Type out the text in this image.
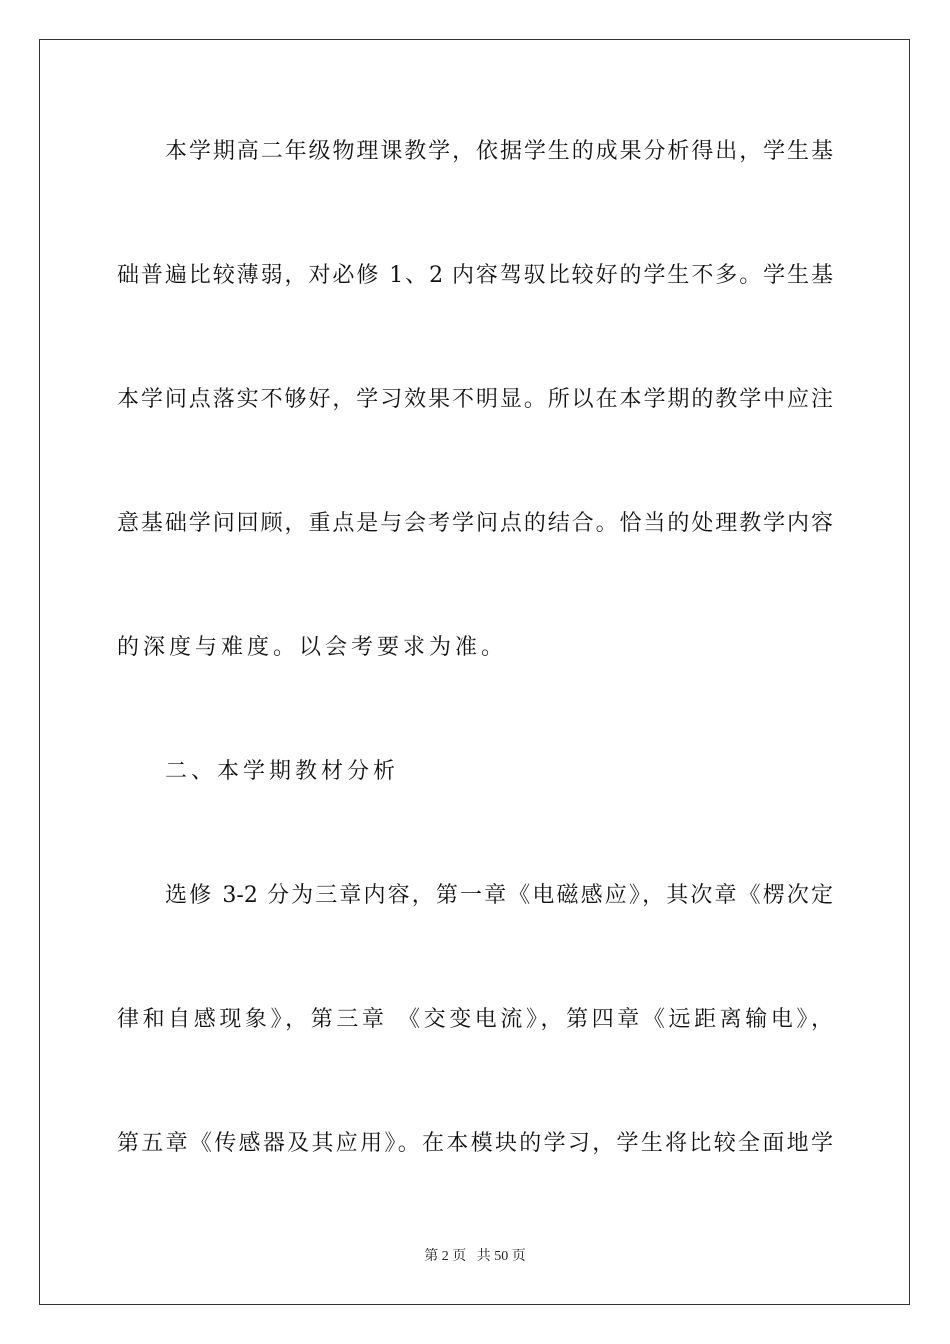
本学期高二年级物理课教学，依据学生的成果分析得出，学生基
础普遍比较薄弱，对必修 1、2 内容驾驭比较好的学生不多。学生基
本学问点落实不够好，学习效果不明显。所以在本学期的教学中应注
意基础学问回顾，重点是与会考学问点的结合。恰当的处理教学内容
的深度与难度。以会考要求为准。
二、本学期教材分析
选修 3-2 分为三章内容，第一章《电磁感应》，其次章《楞次定
律和自感现象》，第三章 《交变电流》，第四章《远距离输电》，
第五章《传感器及其应用》。在本模块的学习，学生将比较全面地学
第 2 页   共 50 页
